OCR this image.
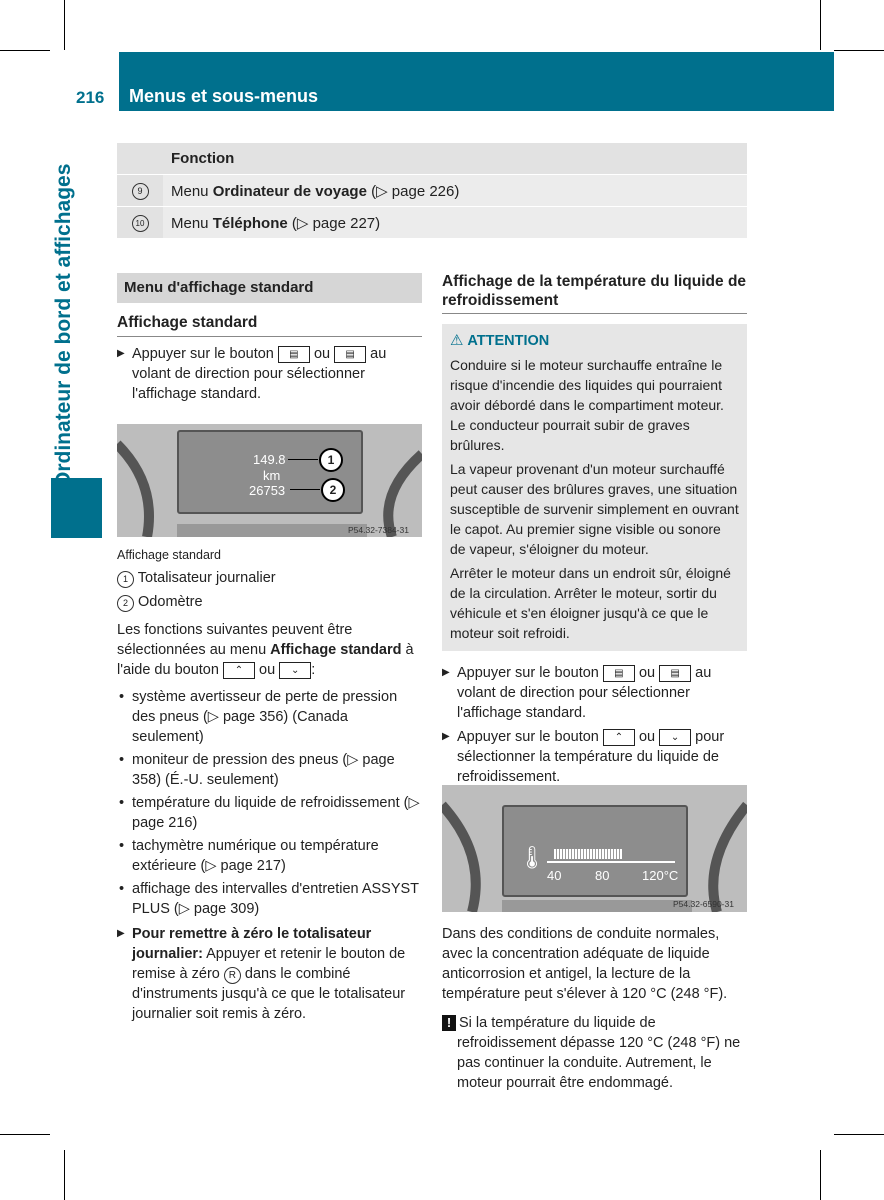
216 Menus et sous-menus
Ordinateur de bord et affichages
	Fonction
9	Menu Ordinateur de voyage (▷ page 226)
10	Menu Téléphone (▷ page 227)
Menu d'affichage standard
Affichage standard
▶ Appuyer sur le bouton ▤ ou ▤ au volant de direction pour sélectionner l'affichage standard.
149.8
km
26753
1
2
P54.32-7384-31
Affichage standard
1 Totalisateur journalier
2 Odomètre
Les fonctions suivantes peuvent être sélectionnées au menu Affichage standard à l'aide du bouton ⌃ ou ⌄ :
• système avertisseur de perte de pression des pneus (▷ page 356) (Canada seulement)
• moniteur de pression des pneus (▷ page 358) (É.-U. seulement)
• température du liquide de refroidissement (▷ page 216)
• tachymètre numérique ou température extérieure (▷ page 217)
• affichage des intervalles d'entretien ASSYST PLUS (▷ page 309)
▶ Pour remettre à zéro le totalisateur journalier: Appuyer et retenir le bouton de remise à zéro R dans le combiné d'instruments jusqu'à ce que le totalisateur journalier soit remis à zéro.
Affichage de la température du liquide de refroidissement
⚠ ATTENTION

Conduire si le moteur surchauffe entraîne le risque d'incendie des liquides qui pourraient avoir débordé dans le compartiment moteur. Le conducteur pourrait subir de graves brûlures.

La vapeur provenant d'un moteur surchauffé peut causer des brûlures graves, une situation susceptible de survenir simplement en ouvrant le capot. Au premier signe visible ou sonore de vapeur, s'éloigner du moteur.

Arrêter le moteur dans un endroit sûr, éloigné de la circulation. Arrêter le moteur, sortir du véhicule et s'en éloigner jusqu'à ce que le moteur soit refroidi.

▶ Appuyer sur le bouton ▤ ou ▤ au volant de direction pour sélectionner l'affichage standard.
▶ Appuyer sur le bouton ⌃ ou ⌄ pour sélectionner la température du liquide de refroidissement.
🌡
40	80	120°C
P54.32-6590-31
Dans des conditions de conduite normales, avec la concentration adéquate de liquide anticorrosion et antigel, la lecture de la température peut s'élever à 120 °C (248 °F).
! Si la température du liquide de refroidissement dépasse 120 °C (248 °F) ne pas continuer la conduite. Autrement, le moteur pourrait être endommagé.
